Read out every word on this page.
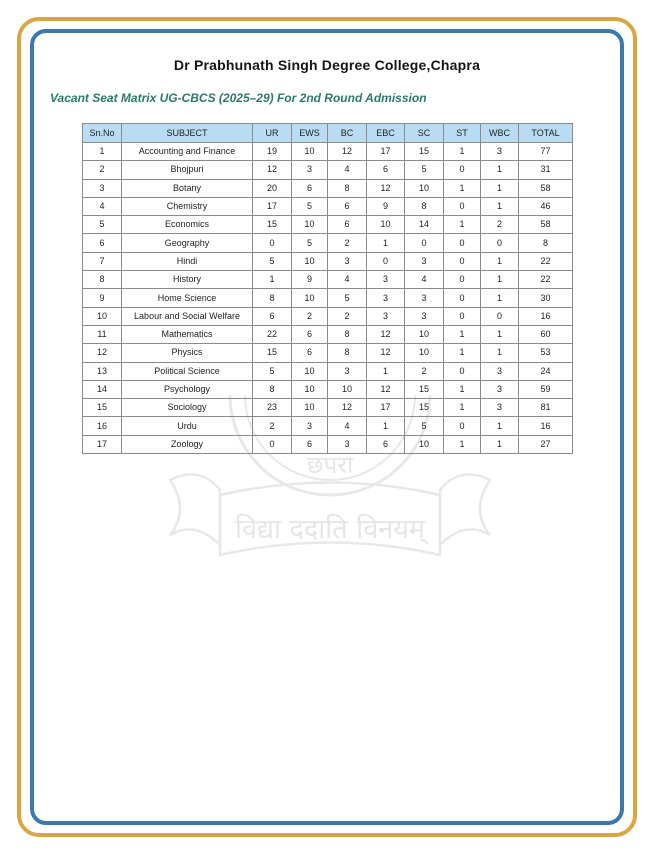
छपरा
विद्या ददाति विनयम्
Dr Prabhunath Singh Degree College,Chapra
Vacant Seat Matrix UG-CBCS (2025–29) For 2nd Round Admission
Sn.No	SUBJECT	UR	EWS	BC	EBC	SC	ST	WBC	TOTAL
1	Accounting and Finance	19	10	12	17	15	1	3	77
2	Bhojpuri	12	3	4	6	5	0	1	31
3	Botany	20	6	8	12	10	1	1	58
4	Chemistry	17	5	6	9	8	0	1	46
5	Economics	15	10	6	10	14	1	2	58
6	Geography	0	5	2	1	0	0	0	8
7	Hindi	5	10	3	0	3	0	1	22
8	History	1	9	4	3	4	0	1	22
9	Home Science	8	10	5	3	3	0	1	30
10	Labour and Social Welfare	6	2	2	3	3	0	0	16
11	Mathematics	22	6	8	12	10	1	1	60
12	Physics	15	6	8	12	10	1	1	53
13	Political Science	5	10	3	1	2	0	3	24
14	Psychology	8	10	10	12	15	1	3	59
15	Sociology	23	10	12	17	15	1	3	81
16	Urdu	2	3	4	1	5	0	1	16
17	Zoology	0	6	3	6	10	1	1	27
